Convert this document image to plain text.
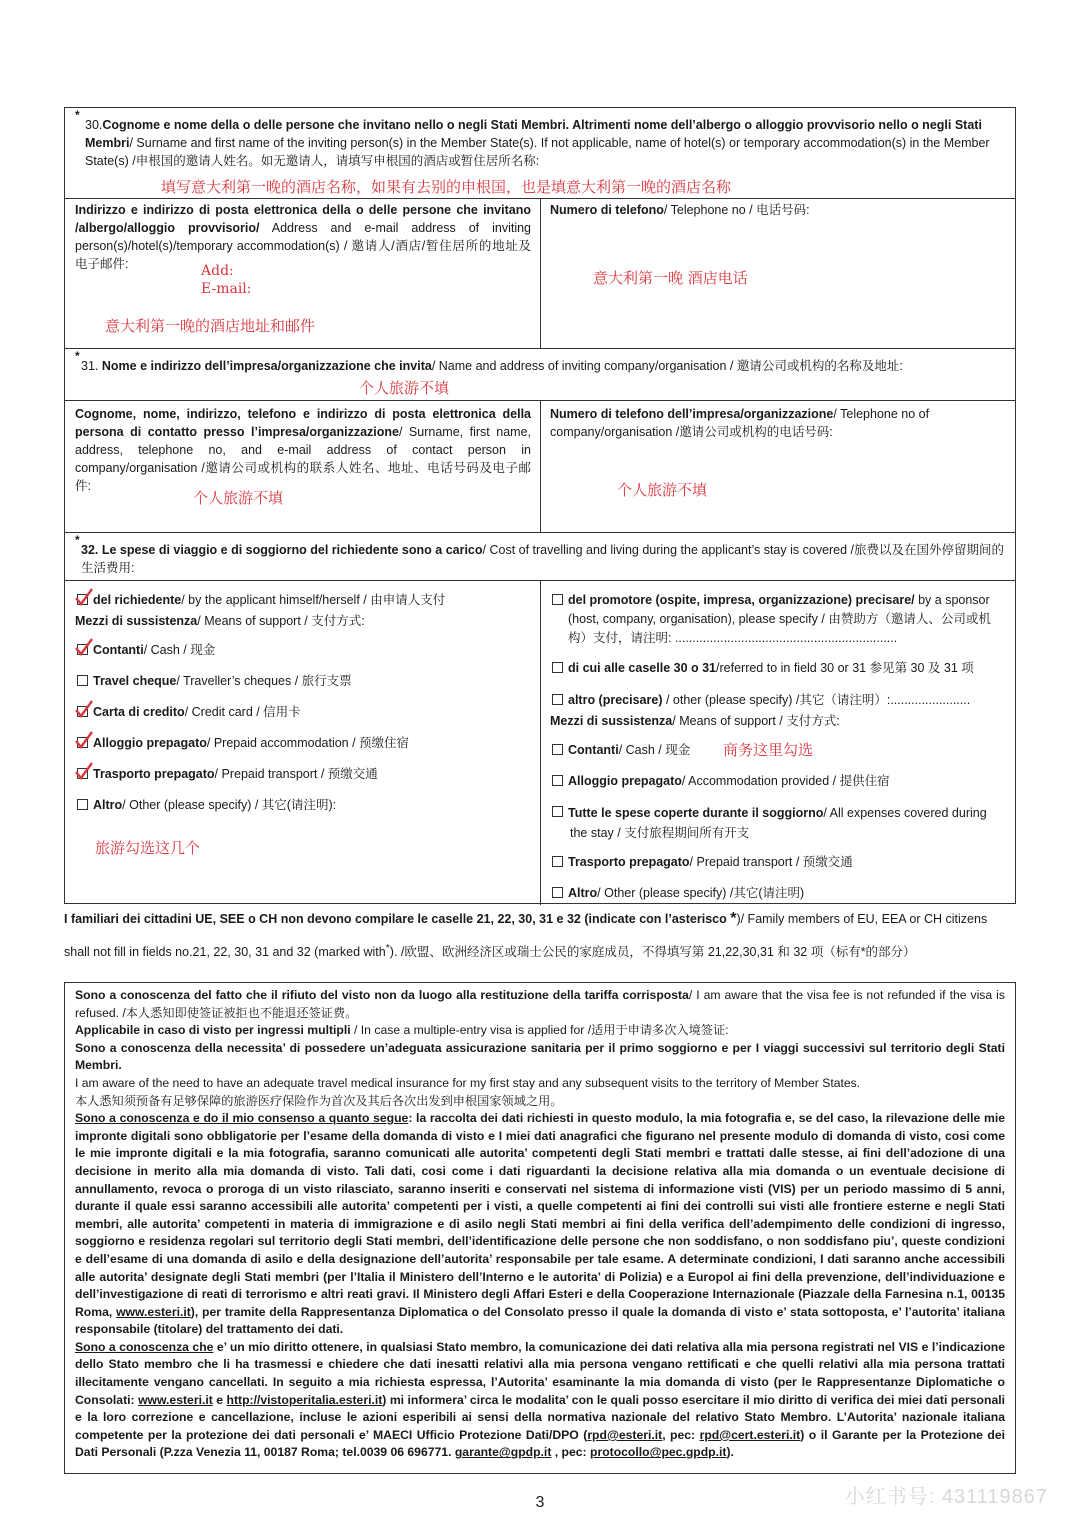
*
30.Cognome e nome della o delle persone che invitano nello o negli Stati Membri. Altrimenti nome dell’albergo o alloggio provvisorio nello o negli Stati Membri/ Surname and first name of the inviting person(s) in the Member State(s). If not applicable, name of hotel(s) or temporary accommodation(s) in the Member State(s) /申根国的邀请人姓名。如无邀请人，请填写申根国的酒店或暂住居所名称:
填写意大利第一晚的酒店名称，如果有去别的申根国，也是填意大利第一晚的酒店名称
Indirizzo e indirizzo di posta elettronica della o delle persone che invitano /albergo/alloggio provvisorio/ Address and e-mail address of inviting person(s)/hotel(s)/temporary accommodation(s) / 邀请人/酒店/暂住居所的地址及电子邮件:	Add:
E-mail:
意大利第一晚的酒店地址和邮件
Numero di telefono/ Telephone no / 电话号码:
意大利第一晚 酒店电话
*
31. Nome e indirizzo dell’impresa/organizzazione che invita/ Name and address of inviting company/organisation / 邀请公司或机构的名称及地址:
个人旅游不填
Cognome, nome, indirizzo, telefono e indirizzo di posta elettronica della persona di contatto presso l’impresa/organizzazione/ Surname, first name, address, telephone no, and e-mail address of contact person in company/organisation /邀请公司或机构的联系人姓名、地址、电话号码及电子邮件:
个人旅游不填
Numero di telefono dell’impresa/organizzazione/ Telephone no of company/organisation /邀请公司或机构的电话号码:
个人旅游不填
*
32. Le spese di viaggio e di soggiorno del richiedente sono a carico/ Cost of travelling and living during the applicant’s stay is covered /旅费以及在国外停留期间的生活费用:
del richiedente/ by the applicant himself/herself / 由申请人支付
Mezzi di sussistenza/ Means of support / 支付方式:
Contanti/ Cash / 现金
Travel cheque/ Traveller’s cheques / 旅行支票
Carta di credito/ Credit card / 信用卡
Alloggio prepagato/ Prepaid accommodation / 预缴住宿
Trasporto prepagato/ Prepaid transport / 预缴交通
Altro/ Other (please specify) / 其它(请注明):
旅游勾选这几个
del promotore (ospite, impresa, organizzazione) precisare/ by a sponsor (host, company, organisation), please specify / 由赞助方（邀请人、公司或机构）支付，请注明: ................................................................
di cui alle caselle 30 o 31/referred to in field 30 or 31 参见第 30 及 31 项
altro (precisare) / other (please specify) /其它（请注明）:.......................
Mezzi di sussistenza/ Means of support / 支付方式:
Contanti/ Cash / 现金 商务这里勾选
Alloggio prepagato/ Accommodation provided / 提供住宿
Tutte le spese coperte durante il soggiorno/ All expenses covered during
the stay / 支付旅程期间所有开支
Trasporto prepagato/ Prepaid transport / 预缴交通
Altro/ Other (please specify) /其它(请注明)
I familiari dei cittadini UE, SEE o CH non devono compilare le caselle 21, 22, 30, 31 e 32 (indicate con l’asterisco *)/ Family members of EU, EEA or CH citizens
shall not fill in fields no.21, 22, 30, 31 and 32 (marked with*). /欧盟、欧洲经济区或瑞士公民的家庭成员，不得填写第 21,22,30,31 和 32 项（标有*的部分）

Sono a conoscenza del fatto che il rifiuto del visto non da luogo alla restituzione della tariffa corrisposta/ I am aware that the visa fee is not refunded if the visa is refused. /本人悉知即使签证被拒也不能退还签证费。

Applicabile in caso di visto per ingressi multipli / In case a multiple-entry visa is applied for /适用于申请多次入境签证:

Sono a conoscenza della necessita’ di possedere un’adeguata assicurazione sanitaria per il primo soggiorno e per I viaggi successivi sul territorio degli Stati Membri.

I am aware of the need to have an adequate travel medical insurance for my first stay and any subsequent visits to the territory of Member States.

本人悉知须预备有足够保障的旅游医疗保险作为首次及其后各次出发到申根国家领域之用。

Sono a conoscenza e do il mio consenso a quanto segue: la raccolta dei dati richiesti in questo modulo, la mia fotografia e, se del caso, la rilevazione delle mie impronte digitali sono obbligatorie per l’esame della domanda di visto e I miei dati anagrafici che figurano nel presente modulo di domanda di visto, cosi come le mie impronte digitali e la mia fotografia, saranno comunicati alle autorita’ competenti degli Stati membri e trattati dalle stesse, ai fini dell’adozione di una decisione in merito alla mia domanda di visto. Tali dati, cosi come i dati riguardanti la decisione relativa alla mia domanda o un eventuale decisione di annullamento, revoca o proroga di un visto rilasciato, saranno inseriti e conservati nel sistema di informazione visti (VIS) per un periodo massimo di 5 anni, durante il quale essi saranno accessibili alle autorita’ competenti per i visti, a quelle competenti ai fini dei controlli sui visti alle frontiere esterne e negli Stati membri, alle autorita’ competenti in materia di immigrazione e di asilo negli Stati membri ai fini della verifica dell’adempimento delle condizioni di ingresso, soggiorno e residenza regolari sul territorio degli Stati membri, dell’identificazione delle persone che non soddisfano, o non soddisfano piu’, queste condizioni e dell’esame di una domanda di asilo e della designazione dell’autorita’ responsabile per tale esame. A determinate condizioni, I dati saranno anche accessibili alle autorita’ designate degli Stati membri (per l’Italia il Ministero dell’Interno e le autorita’ di Polizia) e a Europol ai fini della prevenzione, dell’individuazione e dell’investigazione di reati di terrorismo e altri reati gravi. Il Ministero degli Affari Esteri e della Cooperazione Internazionale (Piazzale della Farnesina n.1, 00135 Roma, www.esteri.it), per tramite della Rappresentanza Diplomatica o del Consolato presso il quale la domanda di visto e’ stata sottoposta, e’ l’autorita’ italiana responsabile (titolare) del trattamento dei dati.

Sono a conoscenza che e’ un mio diritto ottenere, in qualsiasi Stato membro, la comunicazione dei dati relativa alla mia persona registrati nel VIS e l’indicazione dello Stato membro che li ha trasmessi e chiedere che dati inesatti relativi alla mia persona vengano rettificati e che quelli relativi alla mia persona trattati illecitamente vengano cancellati. In seguito a mia richiesta espressa, l’Autorita’ esaminante la mia domanda di visto (per le Rappresentanze Diplomatiche o Consolati: www.esteri.it e http://vistoperitalia.esteri.it) mi informera’ circa le modalita’ con le quali posso esercitare il mio diritto di verifica dei miei dati personali e la loro correzione e cancellazione, incluse le azioni esperibili ai sensi della normativa nazionale del relativo Stato Membro. L’Autorita’ nazionale italiana competente per la protezione dei dati personali e’ MAECI Ufficio Protezione Dati/DPO (rpd@esteri.it, pec: rpd@cert.esteri.it) o il Garante per la Protezione dei Dati Personali (P.zza Venezia 11, 00187 Roma; tel.0039 06 696771. garante@gpdp.it , pec: protocollo@pec.gpdp.it).

3	小红书号: 431119867
